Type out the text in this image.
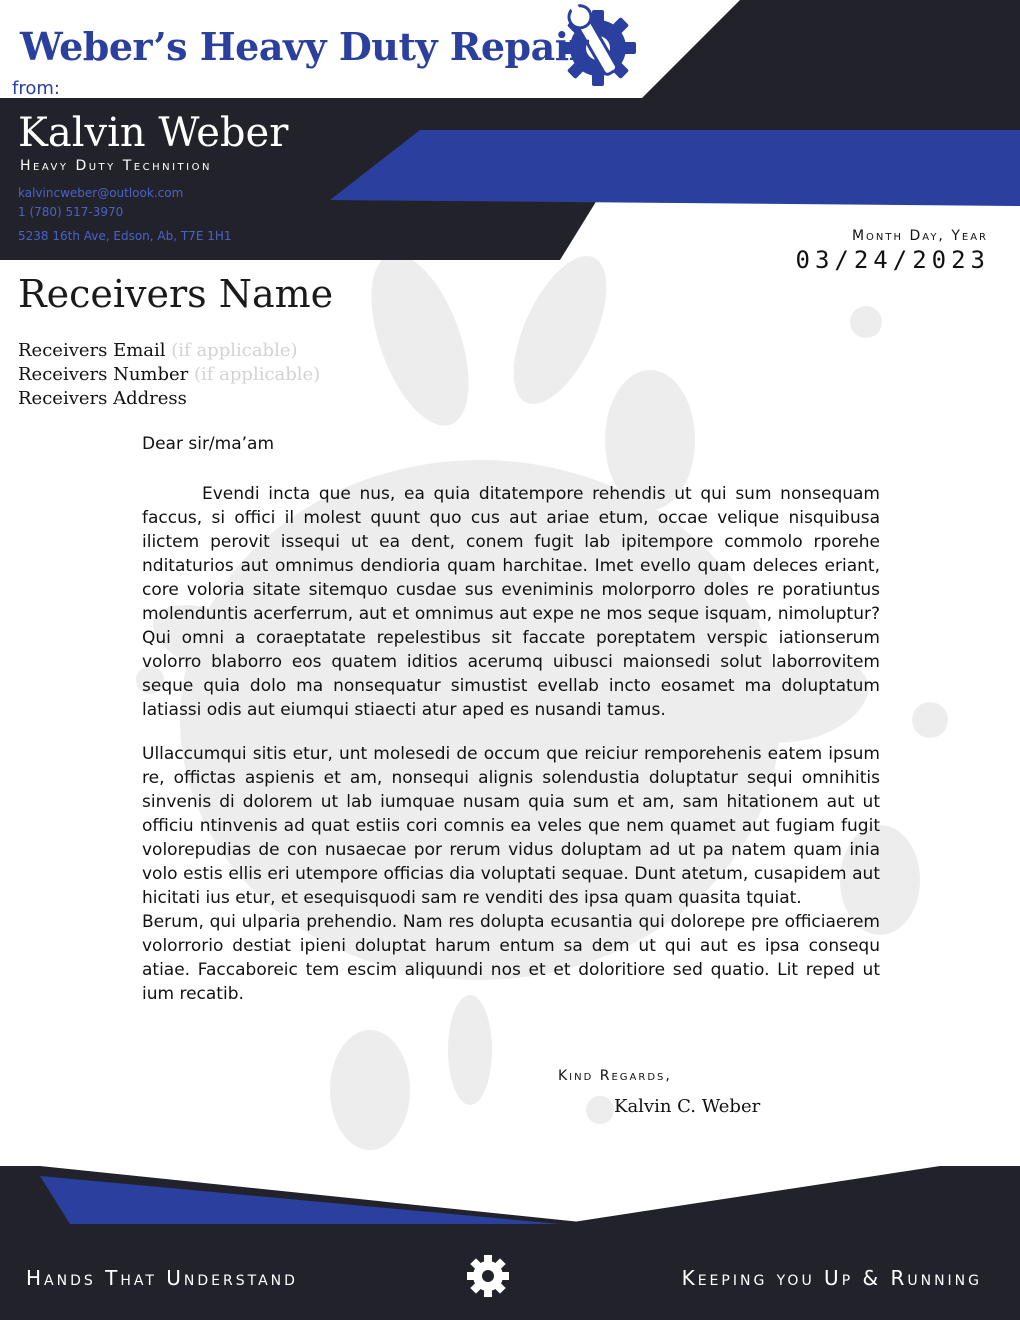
Weber’s Heavy Duty Repair
from:
Kalvin Weber
Heavy Duty Technition
kalvincweber@outlook.com
1 (780) 517-3970
5238 16th Ave, Edson, Ab, T7E 1H1	Month Day, Year
03/24/2023
Receivers Name
Receivers Email (if applicable)
Receivers Number (if applicable)
Receivers Address
Dear sir/ma’am

Evendi incta que nus, ea quia ditatempore rehendis ut qui sum nonsequam faccus, si offici il molest quunt quo cus aut ariae etum, occae velique nisquibusa ilictem perovit issequi ut ea dent, conem fugit lab ipitempore commolo rporehe nditaturios aut omnimus dendioria quam harchitae. Imet evello quam deleces eriant, core voloria sitate sitemquo cusdae sus eveniminis molorporro doles re poratiuntus molenduntis acerferrum, aut et omnimus aut expe ne mos seque isquam, nimoluptur? Qui omni a coraeptatate repelestibus sit faccate poreptatem verspic iationserum volorro blaborro eos quatem iditios acerumq uibusci maionsedi solut laborrovitem seque quia dolo ma nonsequatur simustist evellab incto eosamet ma doluptatum latiassi odis aut eiumqui stiaecti atur aped es nusandi tamus.

Ullaccumqui sitis etur, unt molesedi de occum que reiciur remporehenis eatem ipsum re, offictas aspienis et am, nonsequi alignis solendustia doluptatur sequi omnihitis sinvenis di dolorem ut lab iumquae nusam quia sum et am, sam hitationem aut ut officiu ntinvenis ad quat estiis cori comnis ea veles que nem quamet aut fugiam fugit volorepudias de con nusaecae por rerum vidus doluptam ad ut pa natem quam inia volo estis ellis eri utempore officias dia voluptati sequae. Dunt atetum, cusapidem aut hicitati ius etur, et esequisquodi sam re venditi des ipsa quam quasita tquiat.

Berum, qui ulparia prehendio. Nam res dolupta ecusantia qui dolorepe pre officiaerem volorrorio destiat ipieni doluptat harum entum sa dem ut qui aut es ipsa consequ atiae. Faccaboreic tem escim aliquundi nos et et doloritiore sed quatio. Lit reped ut ium recatib.

Kind Regards,
Kalvin C. Weber
Hands That Understand	Keeping you Up & Running
